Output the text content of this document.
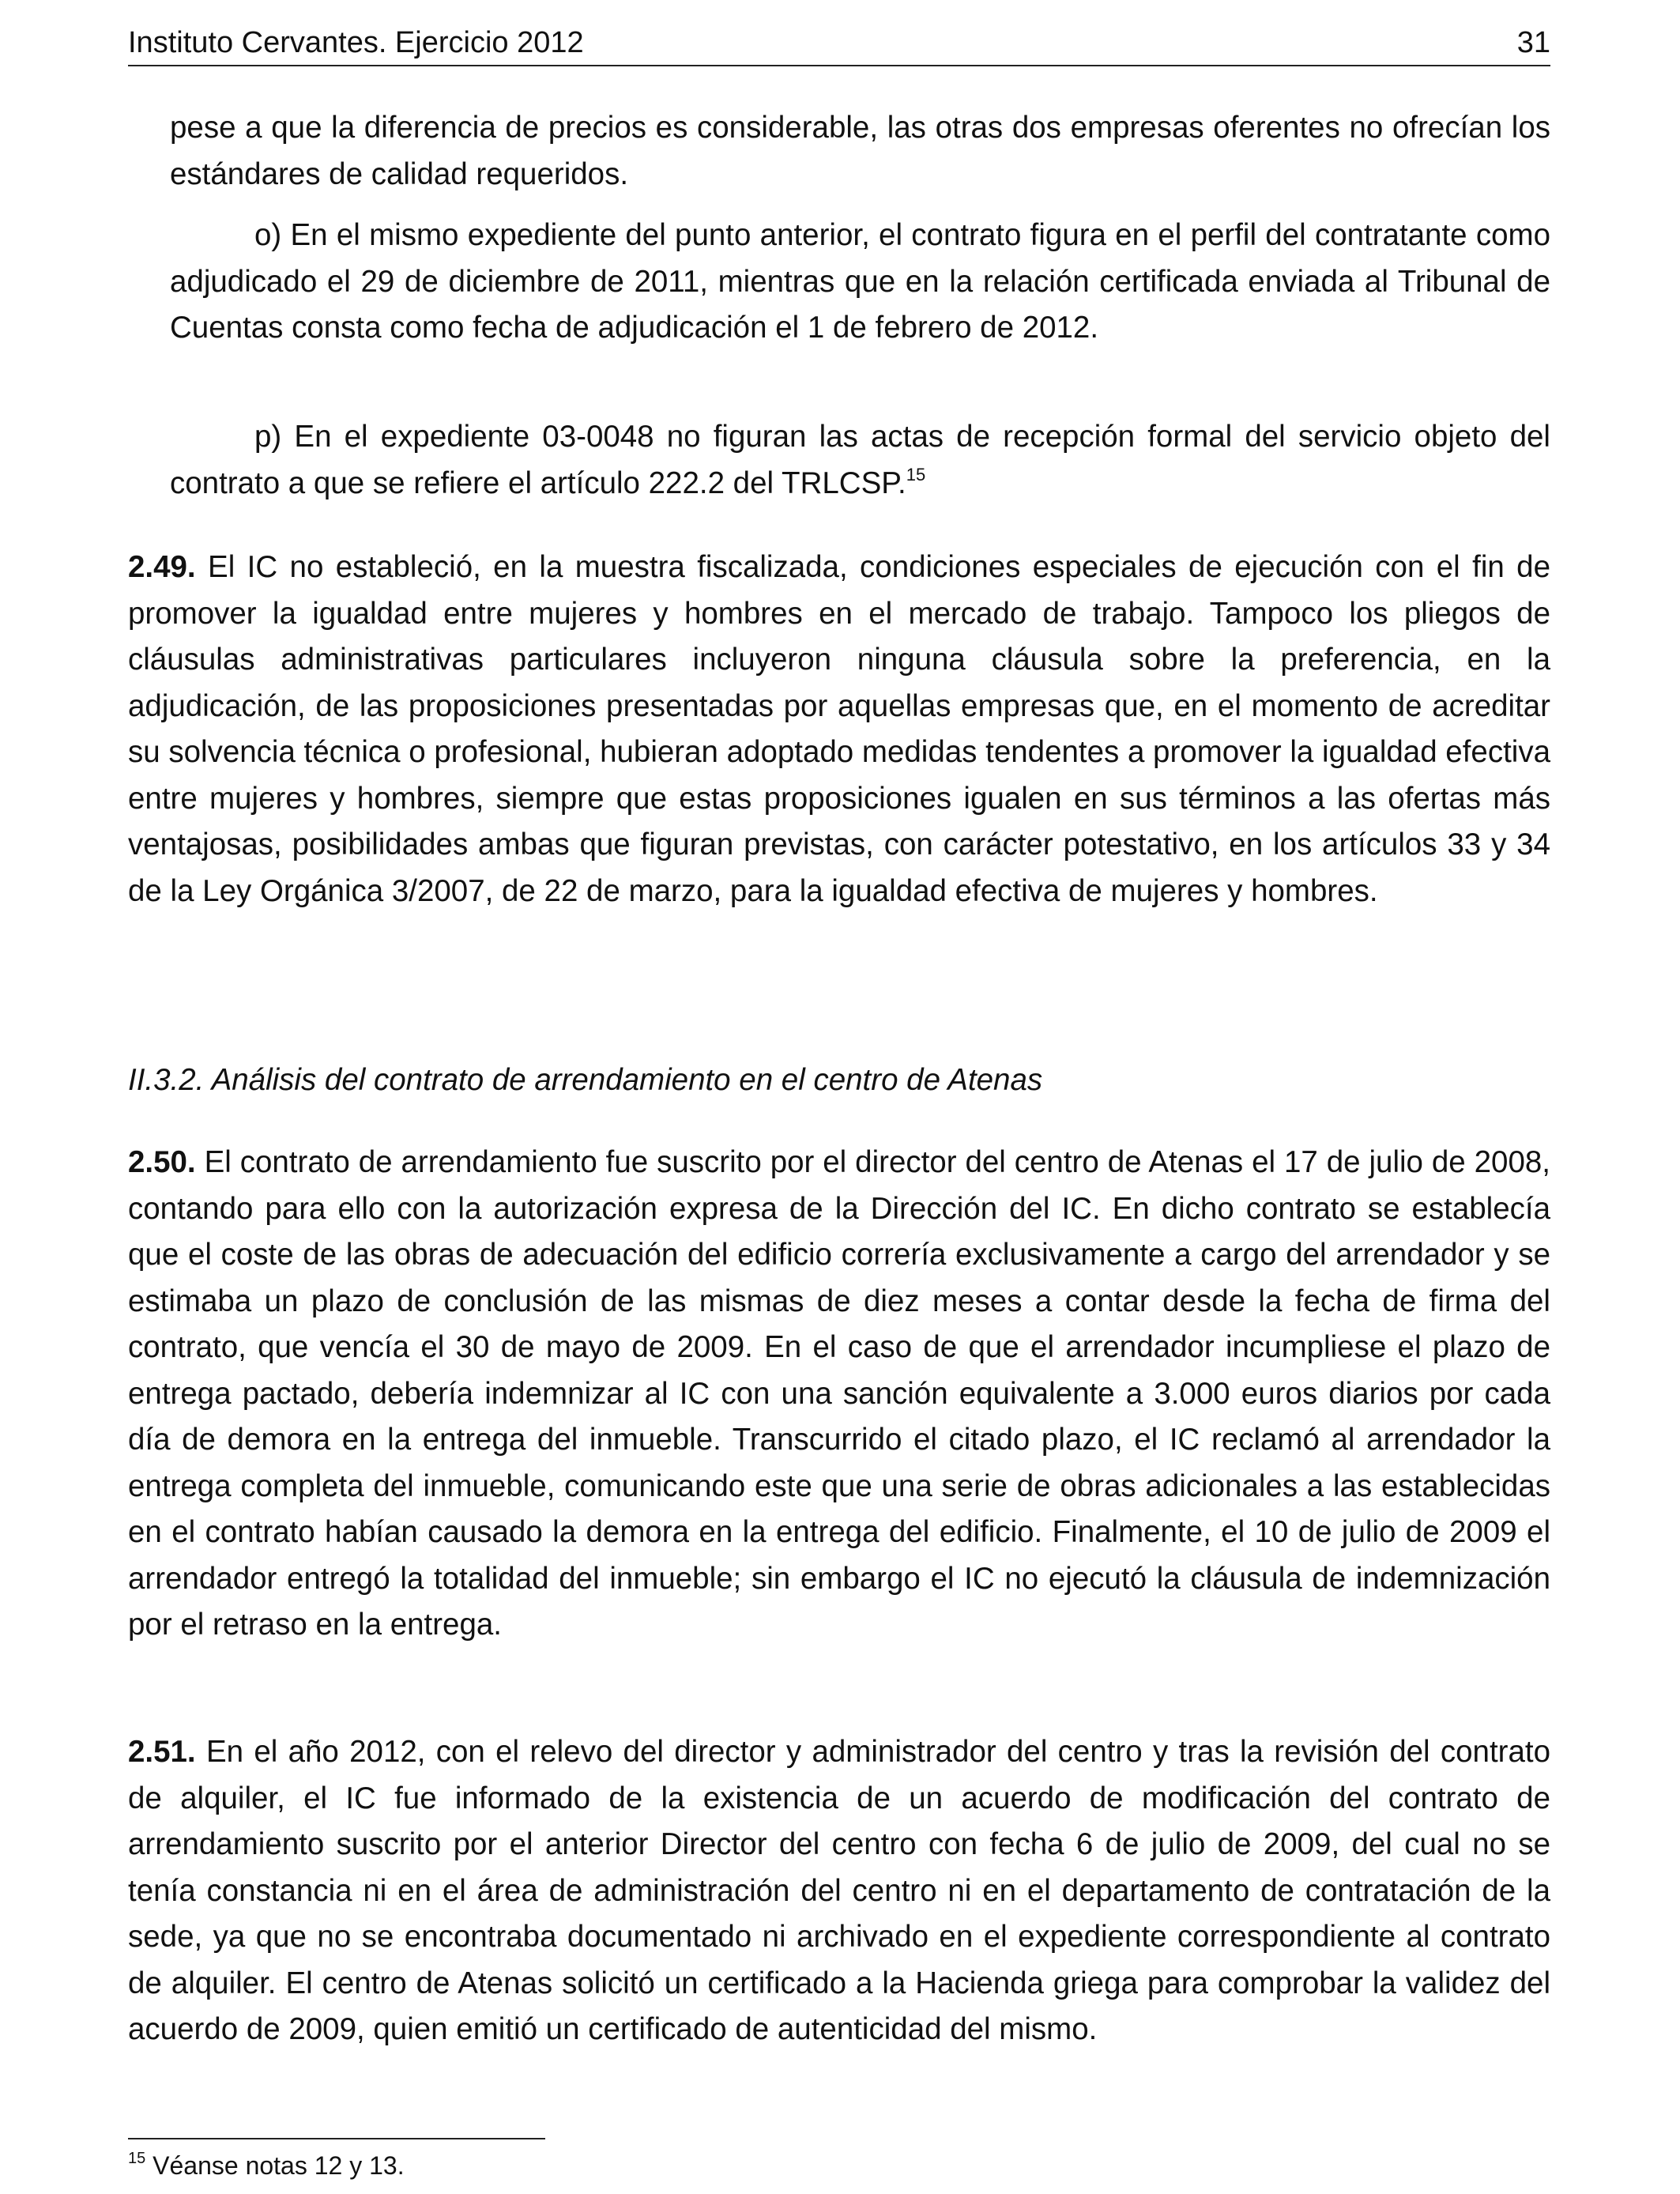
Instituto Cervantes. Ejercicio 2012	31

pese a que la diferencia de precios es considerable, las otras dos empresas oferentes no ofrecían los estándares de calidad requeridos.

o) En el mismo expediente del punto anterior, el contrato figura en el perfil del contratante como adjudicado el 29 de diciembre de 2011, mientras que en la relación certificada enviada al Tribunal de Cuentas consta como fecha de adjudicación el 1 de febrero de 2012.

p) En el expediente 03-0048 no figuran las actas de recepción formal del servicio objeto del contrato a que se refiere el artículo 222.2 del TRLCSP.$^{15}$

2.49. El IC no estableció, en la muestra fiscalizada, condiciones especiales de ejecución con el fin de promover la igualdad entre mujeres y hombres en el mercado de trabajo. Tampoco los pliegos de cláusulas administrativas particulares incluyeron ninguna cláusula sobre la preferencia, en la adjudicación, de las proposiciones presentadas por aquellas empresas que, en el momento de acreditar su solvencia técnica o profesional, hubieran adoptado medidas tendentes a promover la igualdad efectiva entre mujeres y hombres, siempre que estas proposiciones igualen en sus términos a las ofertas más ventajosas, posibilidades ambas que figuran previstas, con carácter potestativo, en los artículos 33 y 34 de la Ley Orgánica 3/2007, de 22 de marzo, para la igualdad efectiva de mujeres y hombres.

II.3.2. Análisis del contrato de arrendamiento en el centro de Atenas

2.50. El contrato de arrendamiento fue suscrito por el director del centro de Atenas el 17 de julio de 2008, contando para ello con la autorización expresa de la Dirección del IC. En dicho contrato se establecía que el coste de las obras de adecuación del edificio correría exclusivamente a cargo del arrendador y se estimaba un plazo de conclusión de las mismas de diez meses a contar desde la fecha de firma del contrato, que vencía el 30 de mayo de 2009. En el caso de que el arrendador incumpliese el plazo de entrega pactado, debería indemnizar al IC con una sanción equivalente a 3.000 euros diarios por cada día de demora en la entrega del inmueble. Transcurrido el citado plazo, el IC reclamó al arrendador la entrega completa del inmueble, comunicando este que una serie de obras adicionales a las establecidas en el contrato habían causado la demora en la entrega del edificio. Finalmente, el 10 de julio de 2009 el arrendador entregó la totalidad del inmueble; sin embargo el IC no ejecutó la cláusula de indemnización por el retraso en la entrega.

2.51. En el año 2012, con el relevo del director y administrador del centro y tras la revisión del contrato de alquiler, el IC fue informado de la existencia de un acuerdo de modificación del contrato de arrendamiento suscrito por el anterior Director del centro con fecha 6 de julio de 2009, del cual no se tenía constancia ni en el área de administración del centro ni en el departamento de contratación de la sede, ya que no se encontraba documentado ni archivado en el expediente correspondiente al contrato de alquiler. El centro de Atenas solicitó un certificado a la Hacienda griega para comprobar la validez del acuerdo de 2009, quien emitió un certificado de autenticidad del mismo.

$^{15}$ Véanse notas 12 y 13.
